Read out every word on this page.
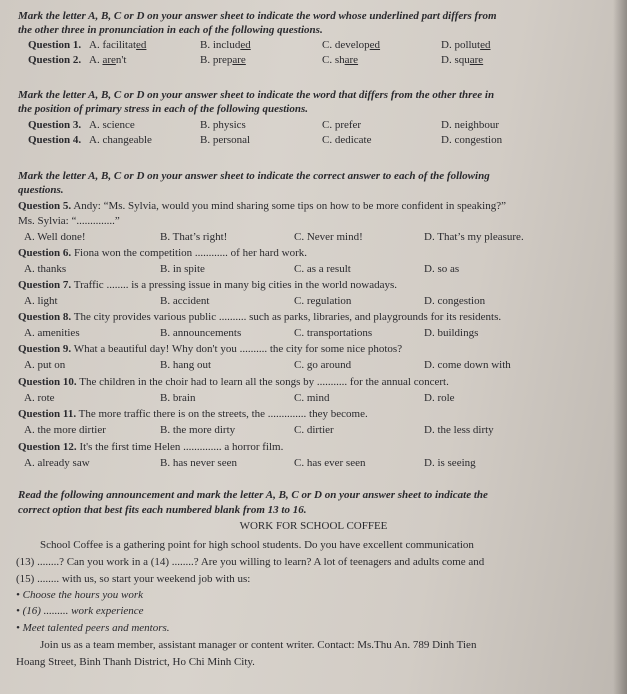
Mark the letter A, B, C or D on your answer sheet to indicate the word whose underlined part differs from
the other three in pronunciation in each of the following questions.
Question 1. A. facilitated	B. included	C. developed	D. polluted
Question 2. A. aren't	B. prepare	C. share	D. square
Mark the letter A, B, C or D on your answer sheet to indicate the word that differs from the other three in
the position of primary stress in each of the following questions.
Question 3. A. science	B. physics	C. prefer	D. neighbour
Question 4. A. changeable	B. personal	C. dedicate	D. congestion
Mark the letter A, B, C or D on your answer sheet to indicate the correct answer to each of the following
questions.
Question 5. Andy: “Ms. Sylvia, would you mind sharing some tips on how to be more confident in speaking?”
Ms. Sylvia: “..............”
A. Well done!	B. That’s right!	C. Never mind!	D. That’s my pleasure.
Question 6. Fiona won the competition ............ of her hard work.
A. thanks	B. in spite	C. as a result	D. so as
Question 7. Traffic ........ is a pressing issue in many big cities in the world nowadays.
A. light	B. accident	C. regulation	D. congestion
Question 8. The city provides various public .......... such as parks, libraries, and playgrounds for its residents.
A. amenities	B. announcements	C. transportations	D. buildings
Question 9. What a beautiful day! Why don't you .......... the city for some nice photos?
A. put on	B. hang out	C. go around	D. come down with
Question 10. The children in the choir had to learn all the songs by ........... for the annual concert.
A. rote	B. brain	C. mind	D. role
Question 11. The more traffic there is on the streets, the .............. they become.
A. the more dirtier	B. the more dirty	C. dirtier	D. the less dirty
Question 12. It's the first time Helen .............. a horror film.
A. already saw	B. has never seen	C. has ever seen	D. is seeing
Read the following announcement and mark the letter A, B, C or D on your answer sheet to indicate the
correct option that best fits each numbered blank from 13 to 16.
WORK FOR SCHOOL COFFEE
School Coffee is a gathering point for high school students. Do you have excellent communication
(13) ........? Can you work in a (14) ........? Are you willing to learn? A lot of teenagers and adults come and
(15) ........ with us, so start your weekend job with us:
• Choose the hours you work
• (16) ......... work experience
• Meet talented peers and mentors.
Join us as a team member, assistant manager or content writer. Contact: Ms.Thu An. 789 Dinh Tien
Hoang Street, Binh Thanh District, Ho Chi Minh City.
